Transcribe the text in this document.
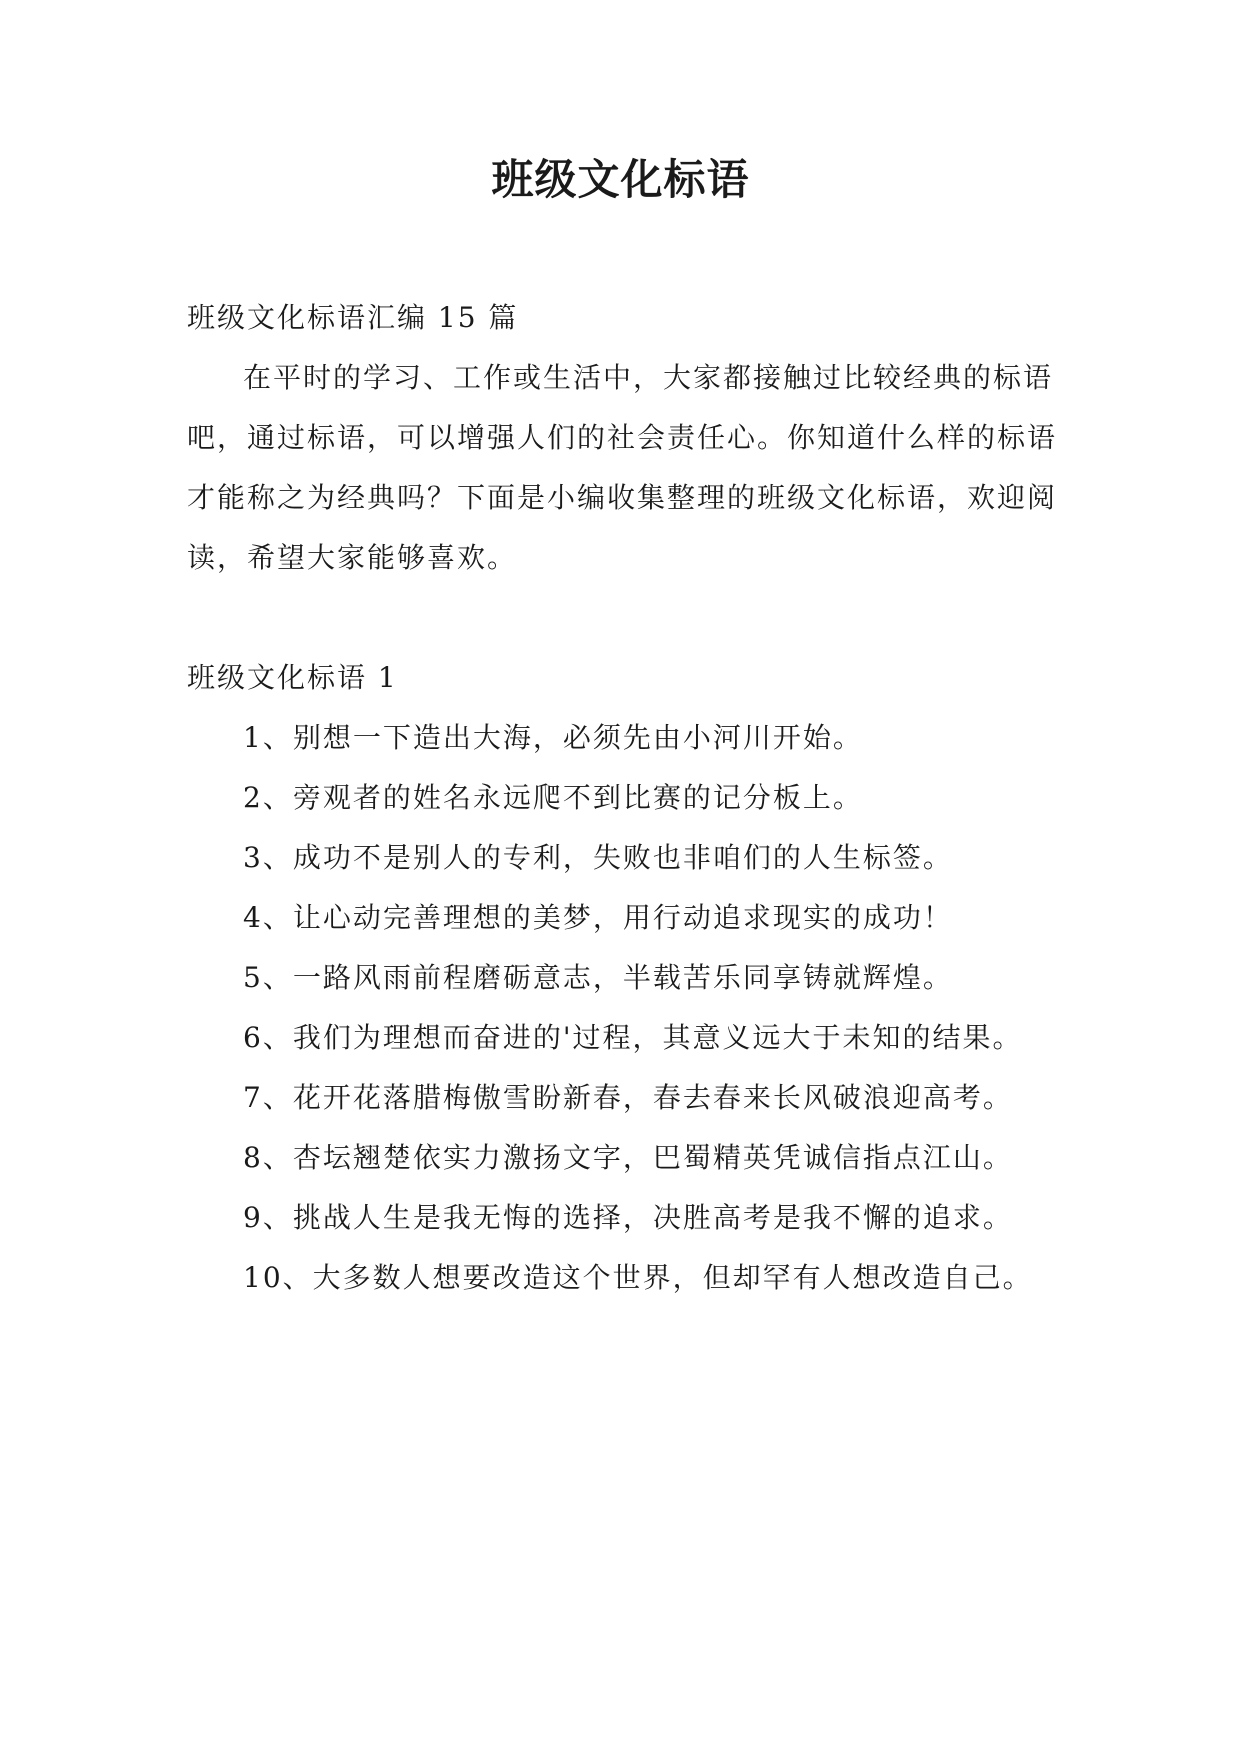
班级文化标语

班级文化标语汇编 15 篇

在平时的学习、工作或生活中，大家都接触过比较经典的标语吧，通过标语，可以增强人们的社会责任心。你知道什么样的标语才能称之为经典吗？下面是小编收集整理的班级文化标语，欢迎阅读，希望大家能够喜欢。

班级文化标语 1

1、别想一下造出大海，必须先由小河川开始。

2、旁观者的姓名永远爬不到比赛的记分板上。

3、成功不是别人的专利，失败也非咱们的人生标签。

4、让心动完善理想的美梦，用行动追求现实的成功！

5、一路风雨前程磨砺意志，半载苦乐同享铸就辉煌。

6、我们为理想而奋进的'过程，其意义远大于未知的结果。

7、花开花落腊梅傲雪盼新春，春去春来长风破浪迎高考。

8、杏坛翘楚依实力激扬文字，巴蜀精英凭诚信指点江山。

9、挑战人生是我无悔的选择，决胜高考是我不懈的追求。

10、大多数人想要改造这个世界，但却罕有人想改造自己。
